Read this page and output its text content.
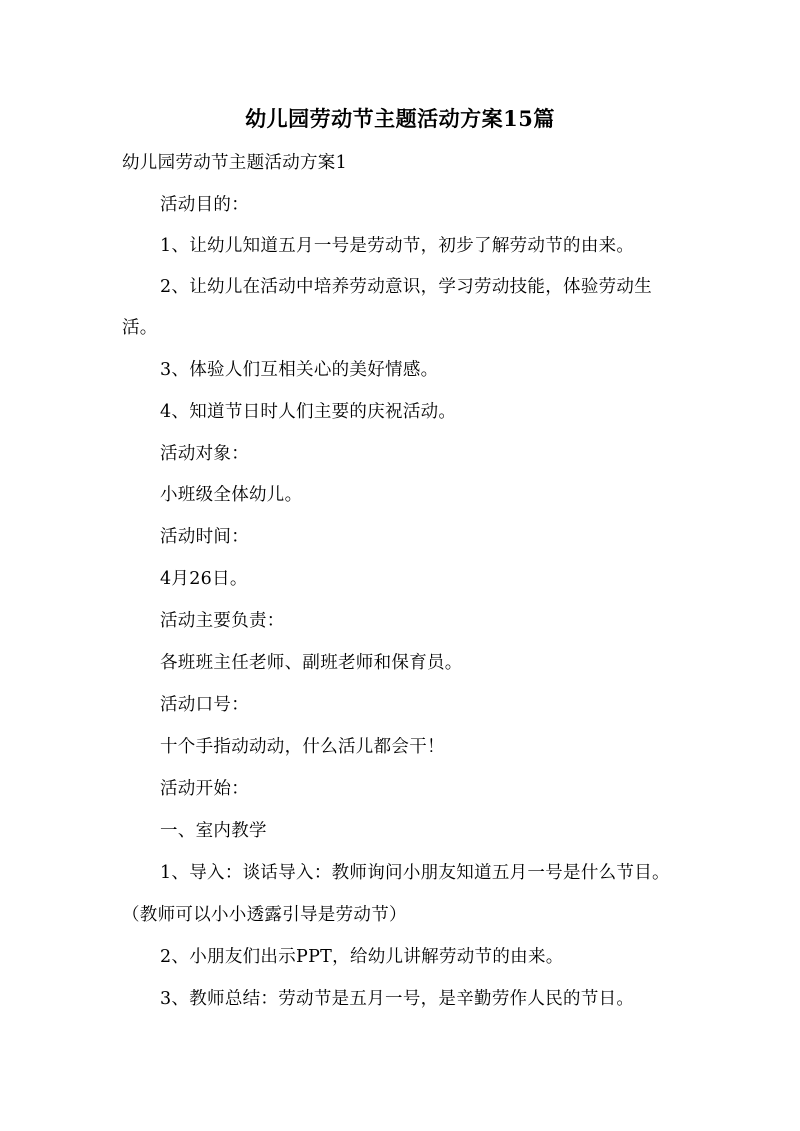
幼儿园劳动节主题活动方案15篇
幼儿园劳动节主题活动方案1
活动目的：
1、让幼儿知道五月一号是劳动节，初步了解劳动节的由来。
2、让幼儿在活动中培养劳动意识，学习劳动技能，体验劳动生
活。
3、体验人们互相关心的美好情感。
4、知道节日时人们主要的庆祝活动。
活动对象：
小班级全体幼儿。
活动时间：
4月26日。
活动主要负责：
各班班主任老师、副班老师和保育员。
活动口号：
十个手指动动动，什么活儿都会干！
活动开始：
一、室内教学
1、导入：谈话导入：教师询问小朋友知道五月一号是什么节目。
（教师可以小小透露引导是劳动节）
2、小朋友们出示PPT，给幼儿讲解劳动节的由来。
3、教师总结：劳动节是五月一号，是辛勤劳作人民的节日。
